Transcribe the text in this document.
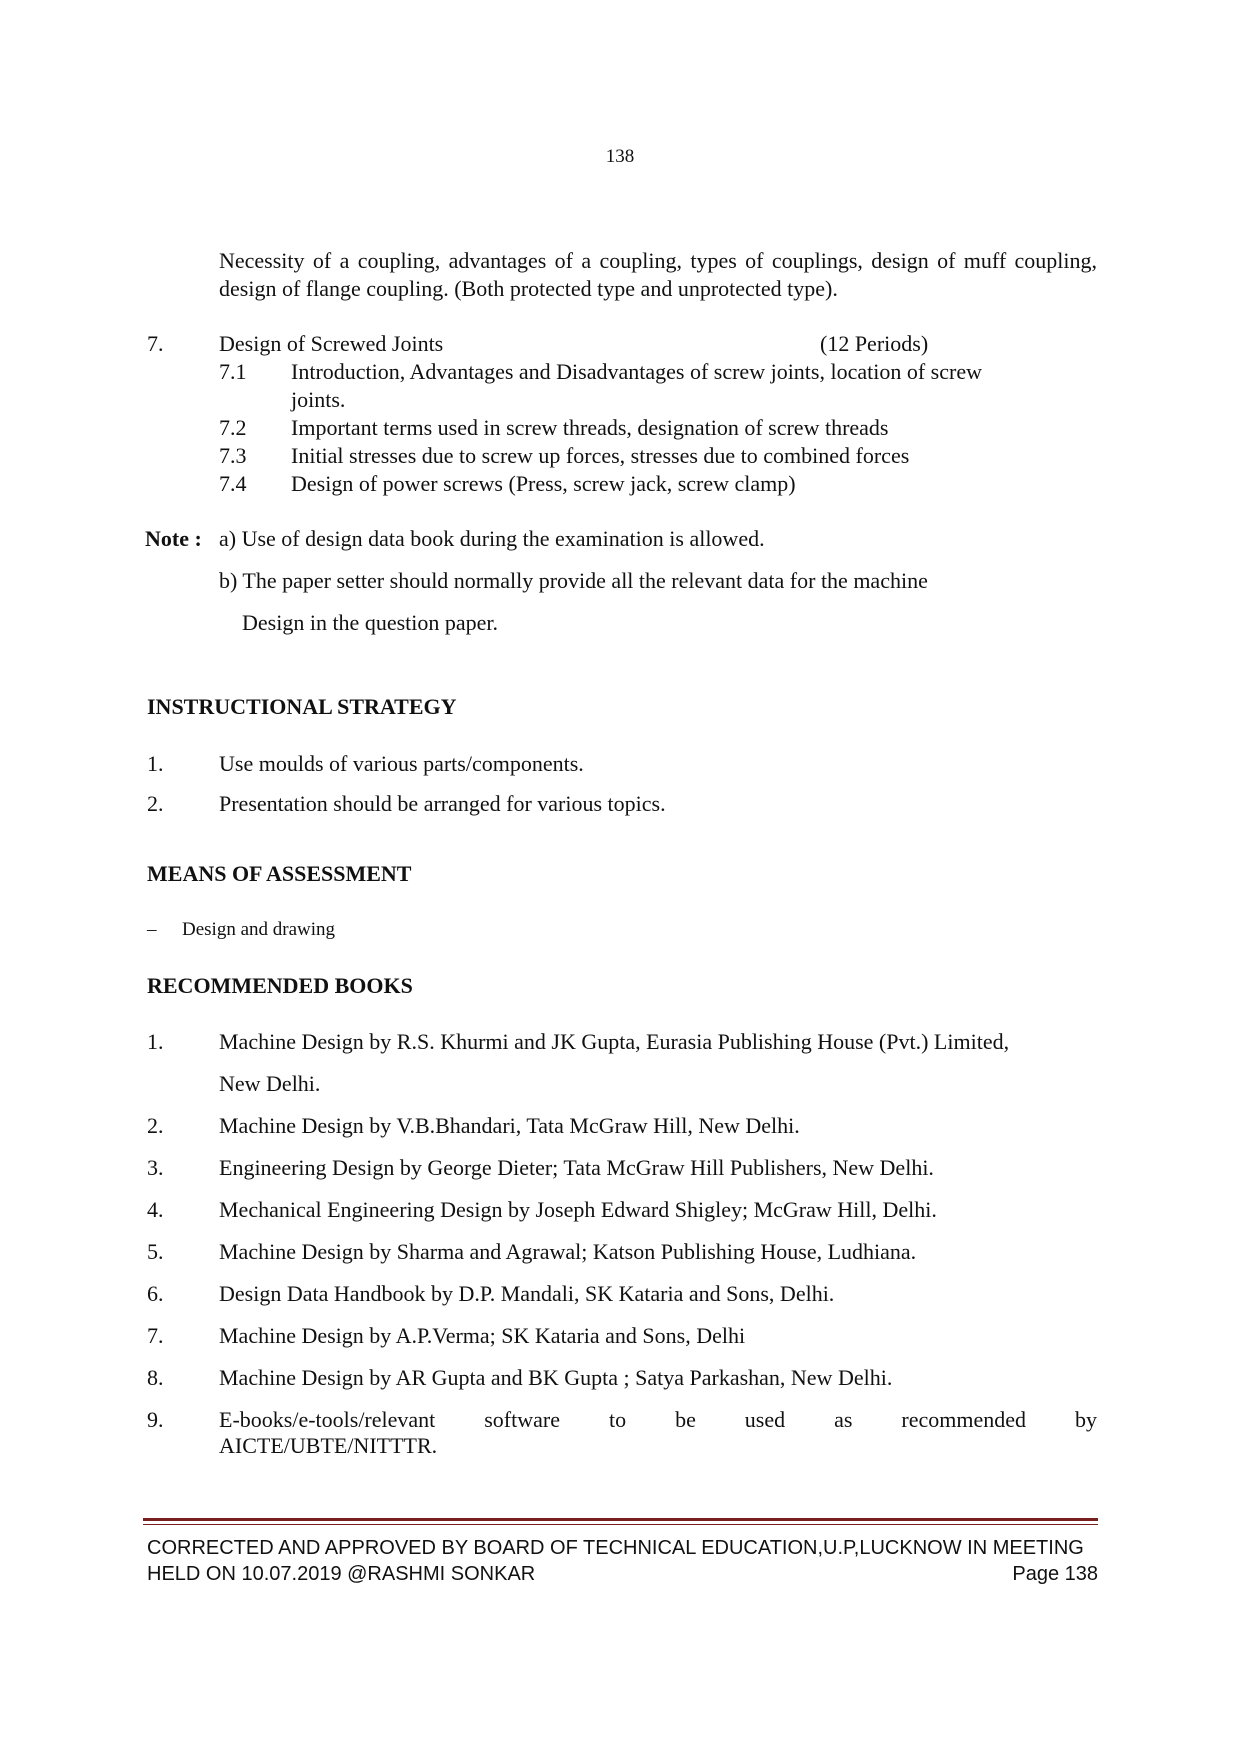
138
Necessity of a coupling, advantages of a coupling, types of couplings, design of muff coupling, design of flange coupling. (Both protected type and unprotected type).
7.	Design of Screwed Joints	(12 Periods)
7.1 Introduction, Advantages and Disadvantages of screw joints, location of screw
joints.
7.2 Important terms used in screw threads, designation of screw threads
7.3 Initial stresses due to screw up forces, stresses due to combined forces
7.4 Design of power screws (Press, screw jack, screw clamp)
Note : a) Use of design data book during the examination is allowed.
b) The paper setter should normally provide all the relevant data for the machine
Design in the question paper.
INSTRUCTIONAL STRATEGY
1.	Use moulds of various parts/components.
2.	Presentation should be arranged for various topics.
MEANS OF ASSESSMENT
– Design and drawing
RECOMMENDED BOOKS
1.	Machine Design by R.S. Khurmi and JK Gupta, Eurasia Publishing House (Pvt.) Limited,
New Delhi.
2.	Machine Design by V.B.Bhandari, Tata McGraw Hill, New Delhi.
3.	Engineering Design by George Dieter; Tata McGraw Hill Publishers, New Delhi.
4.	Mechanical Engineering Design by Joseph Edward Shigley; McGraw Hill, Delhi.
5.	Machine Design by Sharma and Agrawal; Katson Publishing House, Ludhiana.
6.	Design Data Handbook by D.P. Mandali, SK Kataria and Sons, Delhi.
7.	Machine Design by A.P.Verma; SK Kataria and Sons, Delhi
8.	Machine Design by AR Gupta and BK Gupta ; Satya Parkashan, New Delhi.
9.	E-books/e-tools/relevant software to be used as recommended by
AICTE/UBTE/NITTTR.
CORRECTED AND APPROVED BY BOARD OF TECHNICAL EDUCATION,U.P,LUCKNOW IN MEETING
HELD ON 10.07.2019 @RASHMI SONKAR	Page 138
